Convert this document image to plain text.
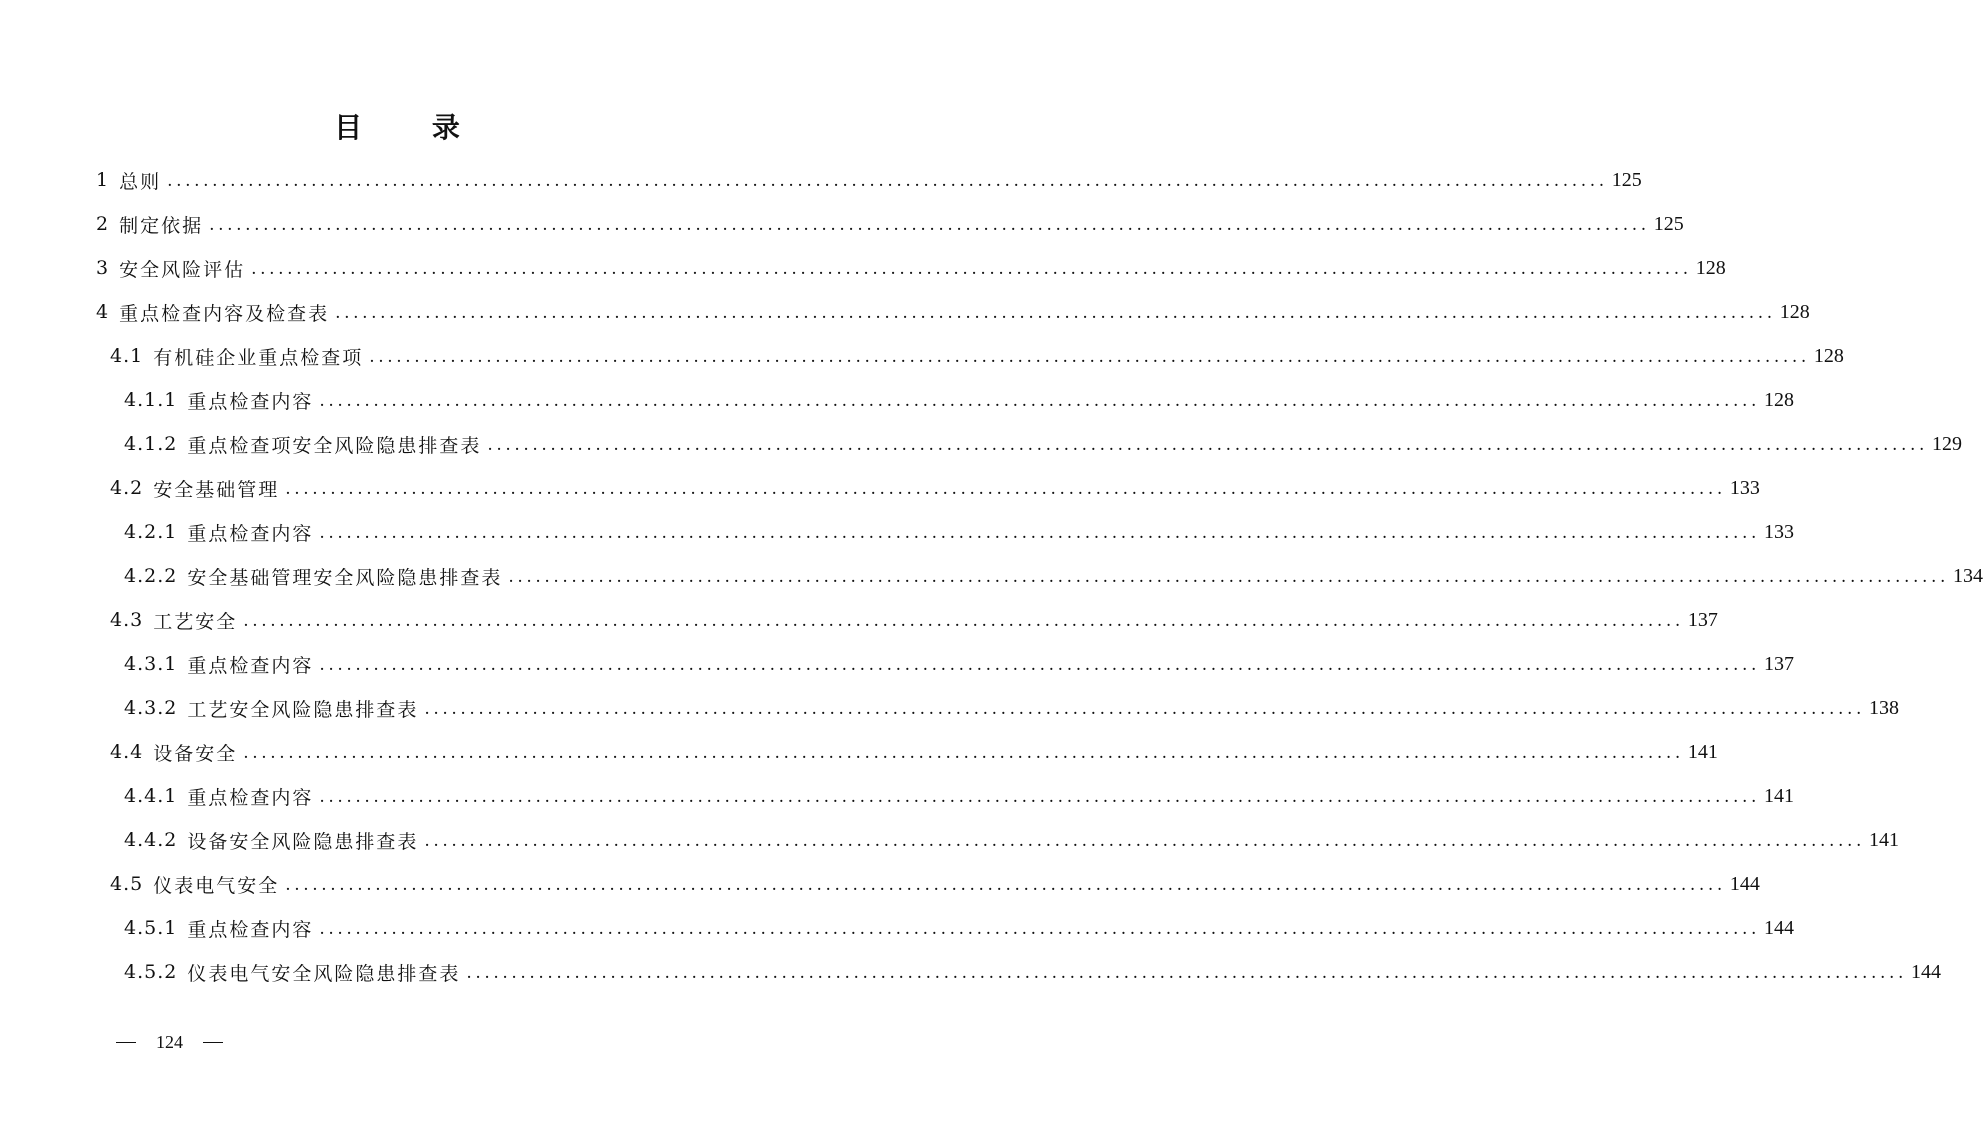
目 录
1 总则 ................................................................................................................................................................ 125
2 制定依据 ................................................................................................................................................................ 125
3 安全风险评估 ................................................................................................................................................................ 128
4 重点检查内容及检查表 ................................................................................................................................................................ 128
4.1 有机硅企业重点检查项 ................................................................................................................................................................ 128
4.1.1 重点检查内容 ................................................................................................................................................................ 128
4.1.2 重点检查项安全风险隐患排查表 ................................................................................................................................................................ 129
4.2 安全基础管理 ................................................................................................................................................................ 133
4.2.1 重点检查内容 ................................................................................................................................................................ 133
4.2.2 安全基础管理安全风险隐患排查表 ................................................................................................................................................................ 134
4.3 工艺安全 ................................................................................................................................................................ 137
4.3.1 重点检查内容 ................................................................................................................................................................ 137
4.3.2 工艺安全风险隐患排查表 ................................................................................................................................................................ 138
4.4 设备安全 ................................................................................................................................................................ 141
4.4.1 重点检查内容 ................................................................................................................................................................ 141
4.4.2 设备安全风险隐患排查表 ................................................................................................................................................................ 141
4.5 仪表电气安全 ................................................................................................................................................................ 144
4.5.1 重点检查内容 ................................................................................................................................................................ 144
4.5.2 仪表电气安全风险隐患排查表 ................................................................................................................................................................ 144
124
